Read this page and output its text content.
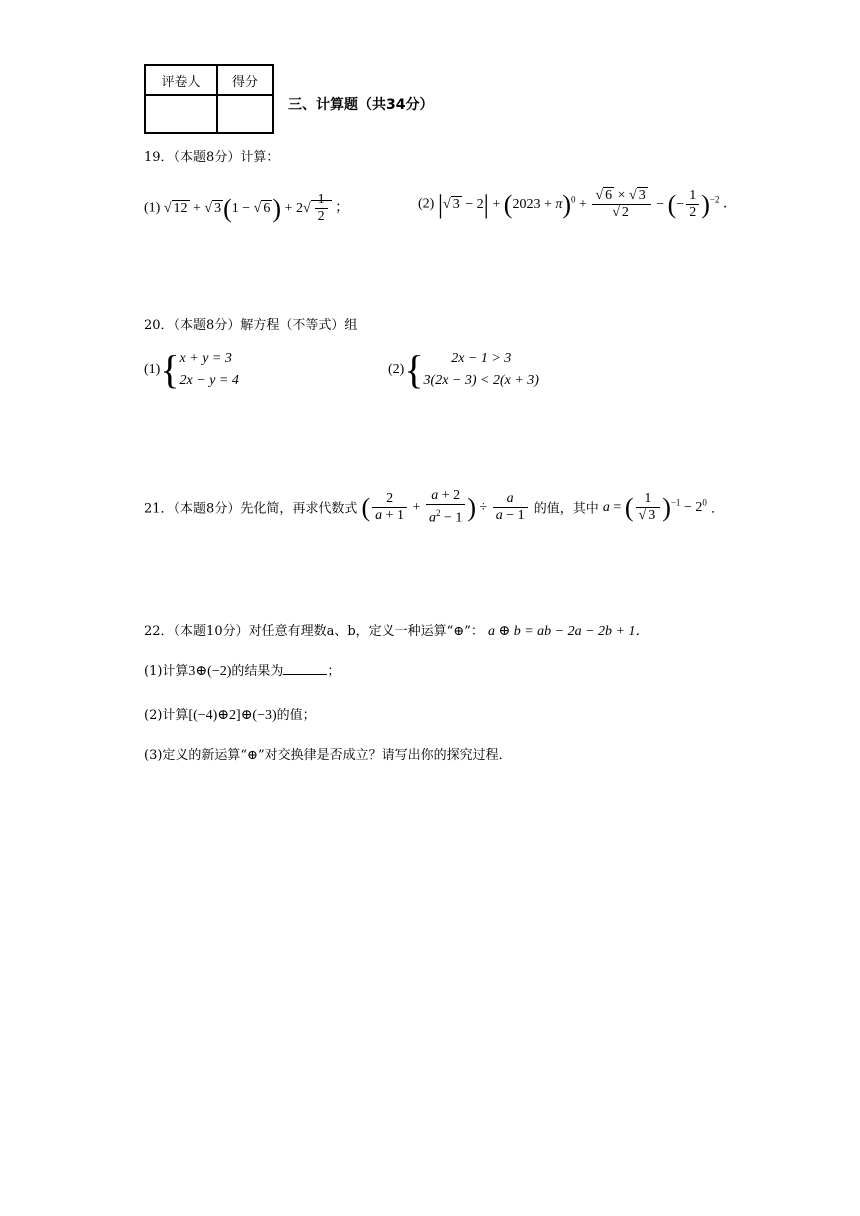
评卷人	得分

三、计算题（共34分）
19．（本题8分）计算：
(1) √ 12 + √ 3(1 − √ $6) + 2√ \frac{1}{2}$ ；	(2) |√ $3 - 2| + (2023 + \pi)^0 + \frac{√ 6 \times √ 3}{√ 2}$ − (− $\frac{1}{2} )^{-2}$ ．
20．（本题8分）解方程（不等式）组
(1){ x + y = 3
2x − y = 4
(2){	2x − 1 > 3
3(2x − 3) < 2(x + 3)
21．（本题8分）先化简，再求代数式 ( $\frac{2}{a + 1} + \frac{a + 2}{a^2 - 1}$ ) ÷ $\frac{a}{a - 1}$ 的值，其中 a = ( $\frac{1}{√ 3} )^{-1} - 2^0$ ．
22．（本题10分）对任意有理数a、b，定义一种运算“⊕”： a ⊕ b = ab − 2a − 2b + 1．
(1)计算3⊕(−2)的结果为	；
(2)计算[(−4)⊕2]⊕(−3)的值；
(3)定义的新运算“⊕”对交换律是否成立？请写出你的探究过程．
